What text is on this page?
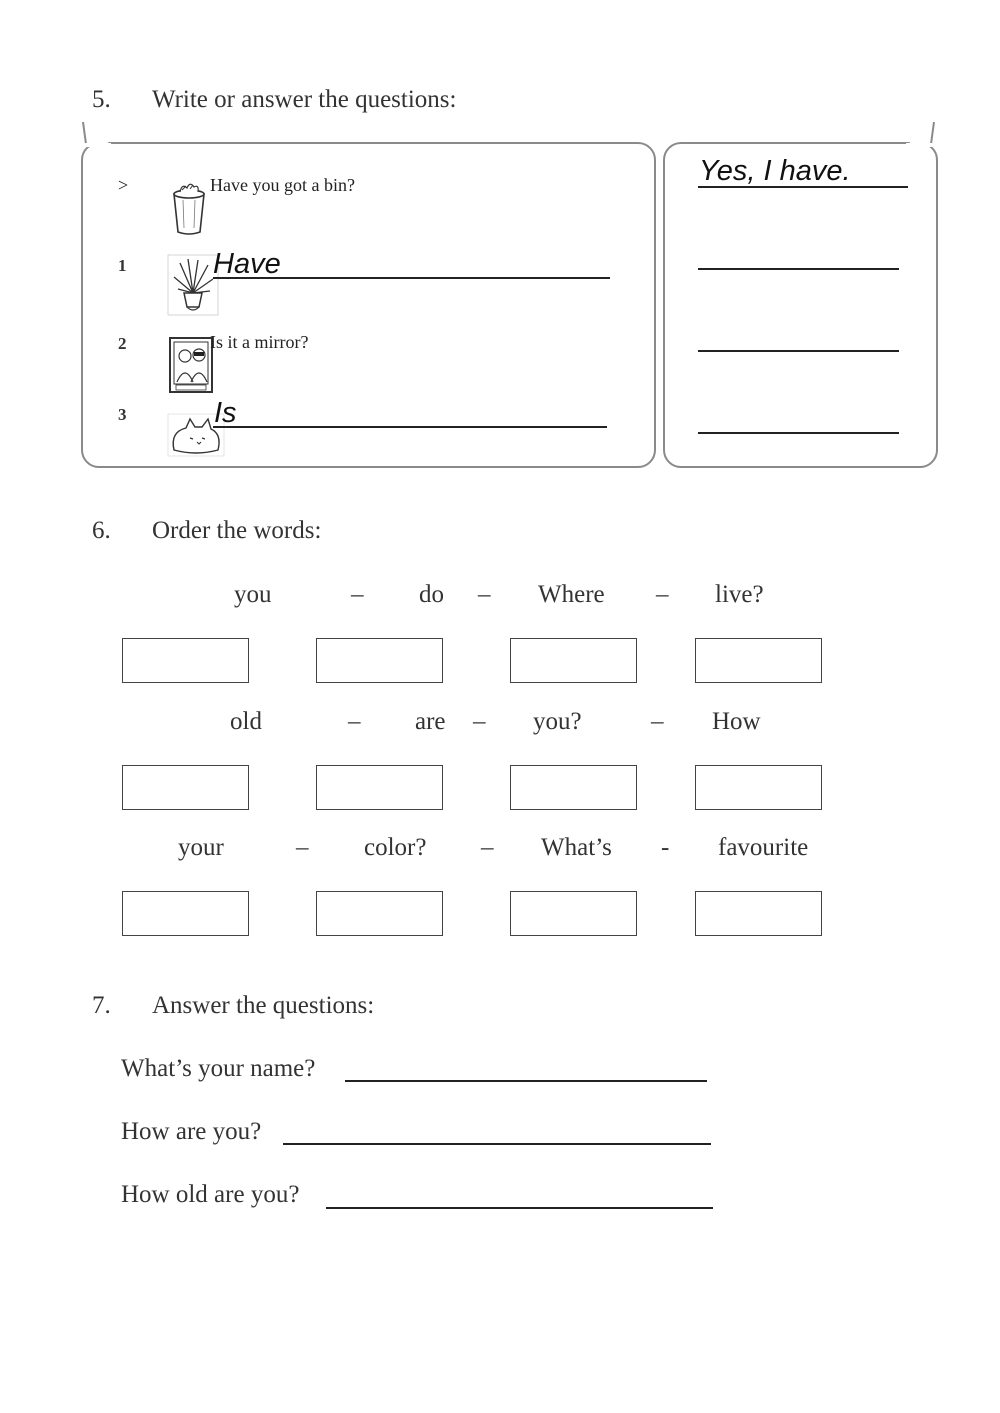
5. Write or answer the questions:
>	Have you got a bin?	Yes, I have.
1	Have
2	Is it a mirror?
3	Is
6. Order the words:
you	– do – Where – live?
old	– are – you?	– How
your	– color? – What’s - favourite
7. Answer the questions:
What’s your name?
How are you?
How old are you?
